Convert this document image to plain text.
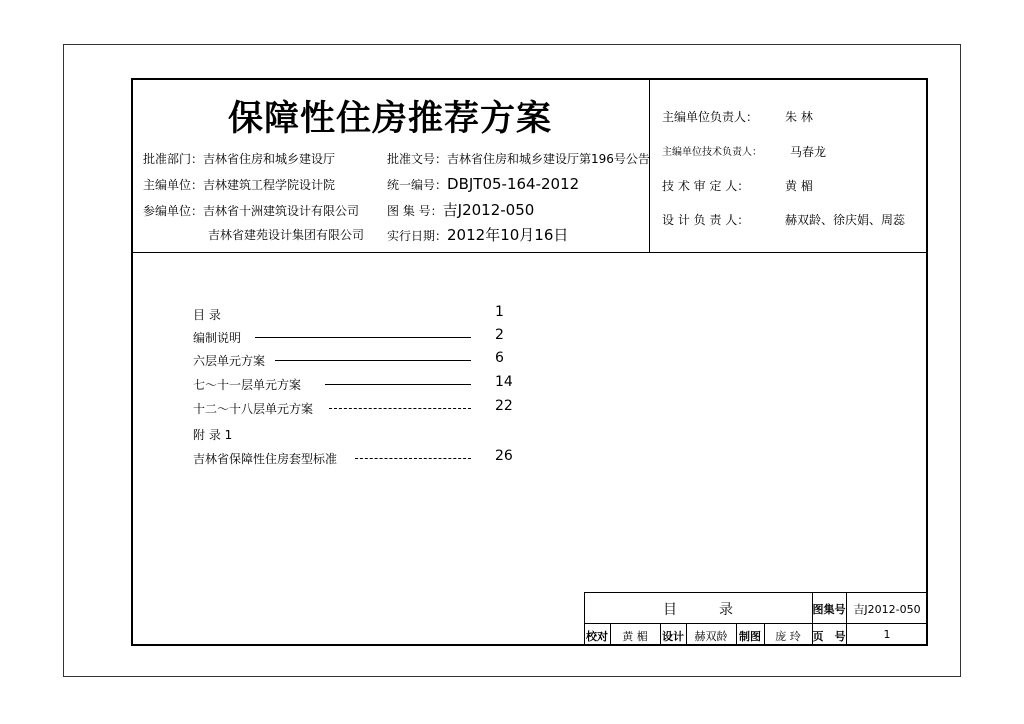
保障性住房推荐方案
批准部门：吉林省住房和城乡建设厅
主编单位：吉林建筑工程学院设计院
参编单位：吉林省十洲建筑设计有限公司
吉林省建苑设计集团有限公司
批准文号：吉林省住房和城乡建设厅第196号公告
统一编号：DBJT05-164-2012
图 集 号：吉J2012-050
实行日期：2012年10月16日
主编单位负责人： 朱 林
主编单位技术负责人： 马春龙
技 术 审 定 人：	黄 楣
设 计 负 责 人：	赫双龄、徐庆娟、周蕊
目 录	1
编制说明	2
六层单元方案	6
七～十一层单元方案	14
十二～十八层单元方案	22
附 录 1
吉林省保障性住房套型标准	26
目　　　录	图集号 吉J2012-050
校对	黄 楣	设计 赫双龄	制图	庞 玲	页　号	1
